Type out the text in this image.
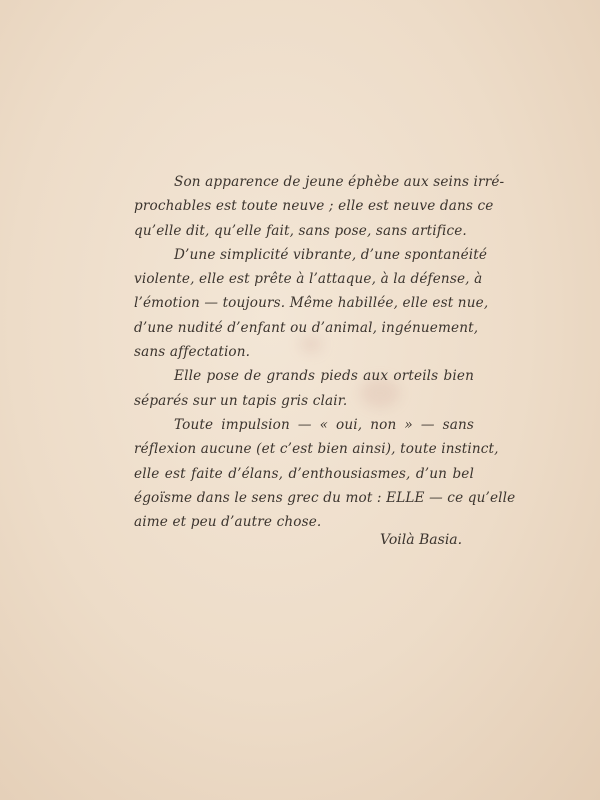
Son apparence de jeune éphèbe aux seins irré-
prochables est toute neuve ; elle est neuve dans ce
qu’elle dit, qu’elle fait, sans pose, sans artifice.
D’une simplicité vibrante, d’une spontanéité
violente, elle est prête à l’attaque, à la défense, à
l’émotion — toujours. Même habillée, elle est nue,
d’une nudité d’enfant ou d’animal, ingénuement,
sans affectation.
Elle pose de grands pieds aux orteils bien
séparés sur un tapis gris clair.
Toute impulsion — « oui, non » — sans
réflexion aucune (et c’est bien ainsi), toute instinct,
elle est faite d’élans, d’enthousiasmes, d’un bel
égoïsme dans le sens grec du mot : ELLE — ce qu’elle
aime et peu d’autre chose.
Voilà Basia.
